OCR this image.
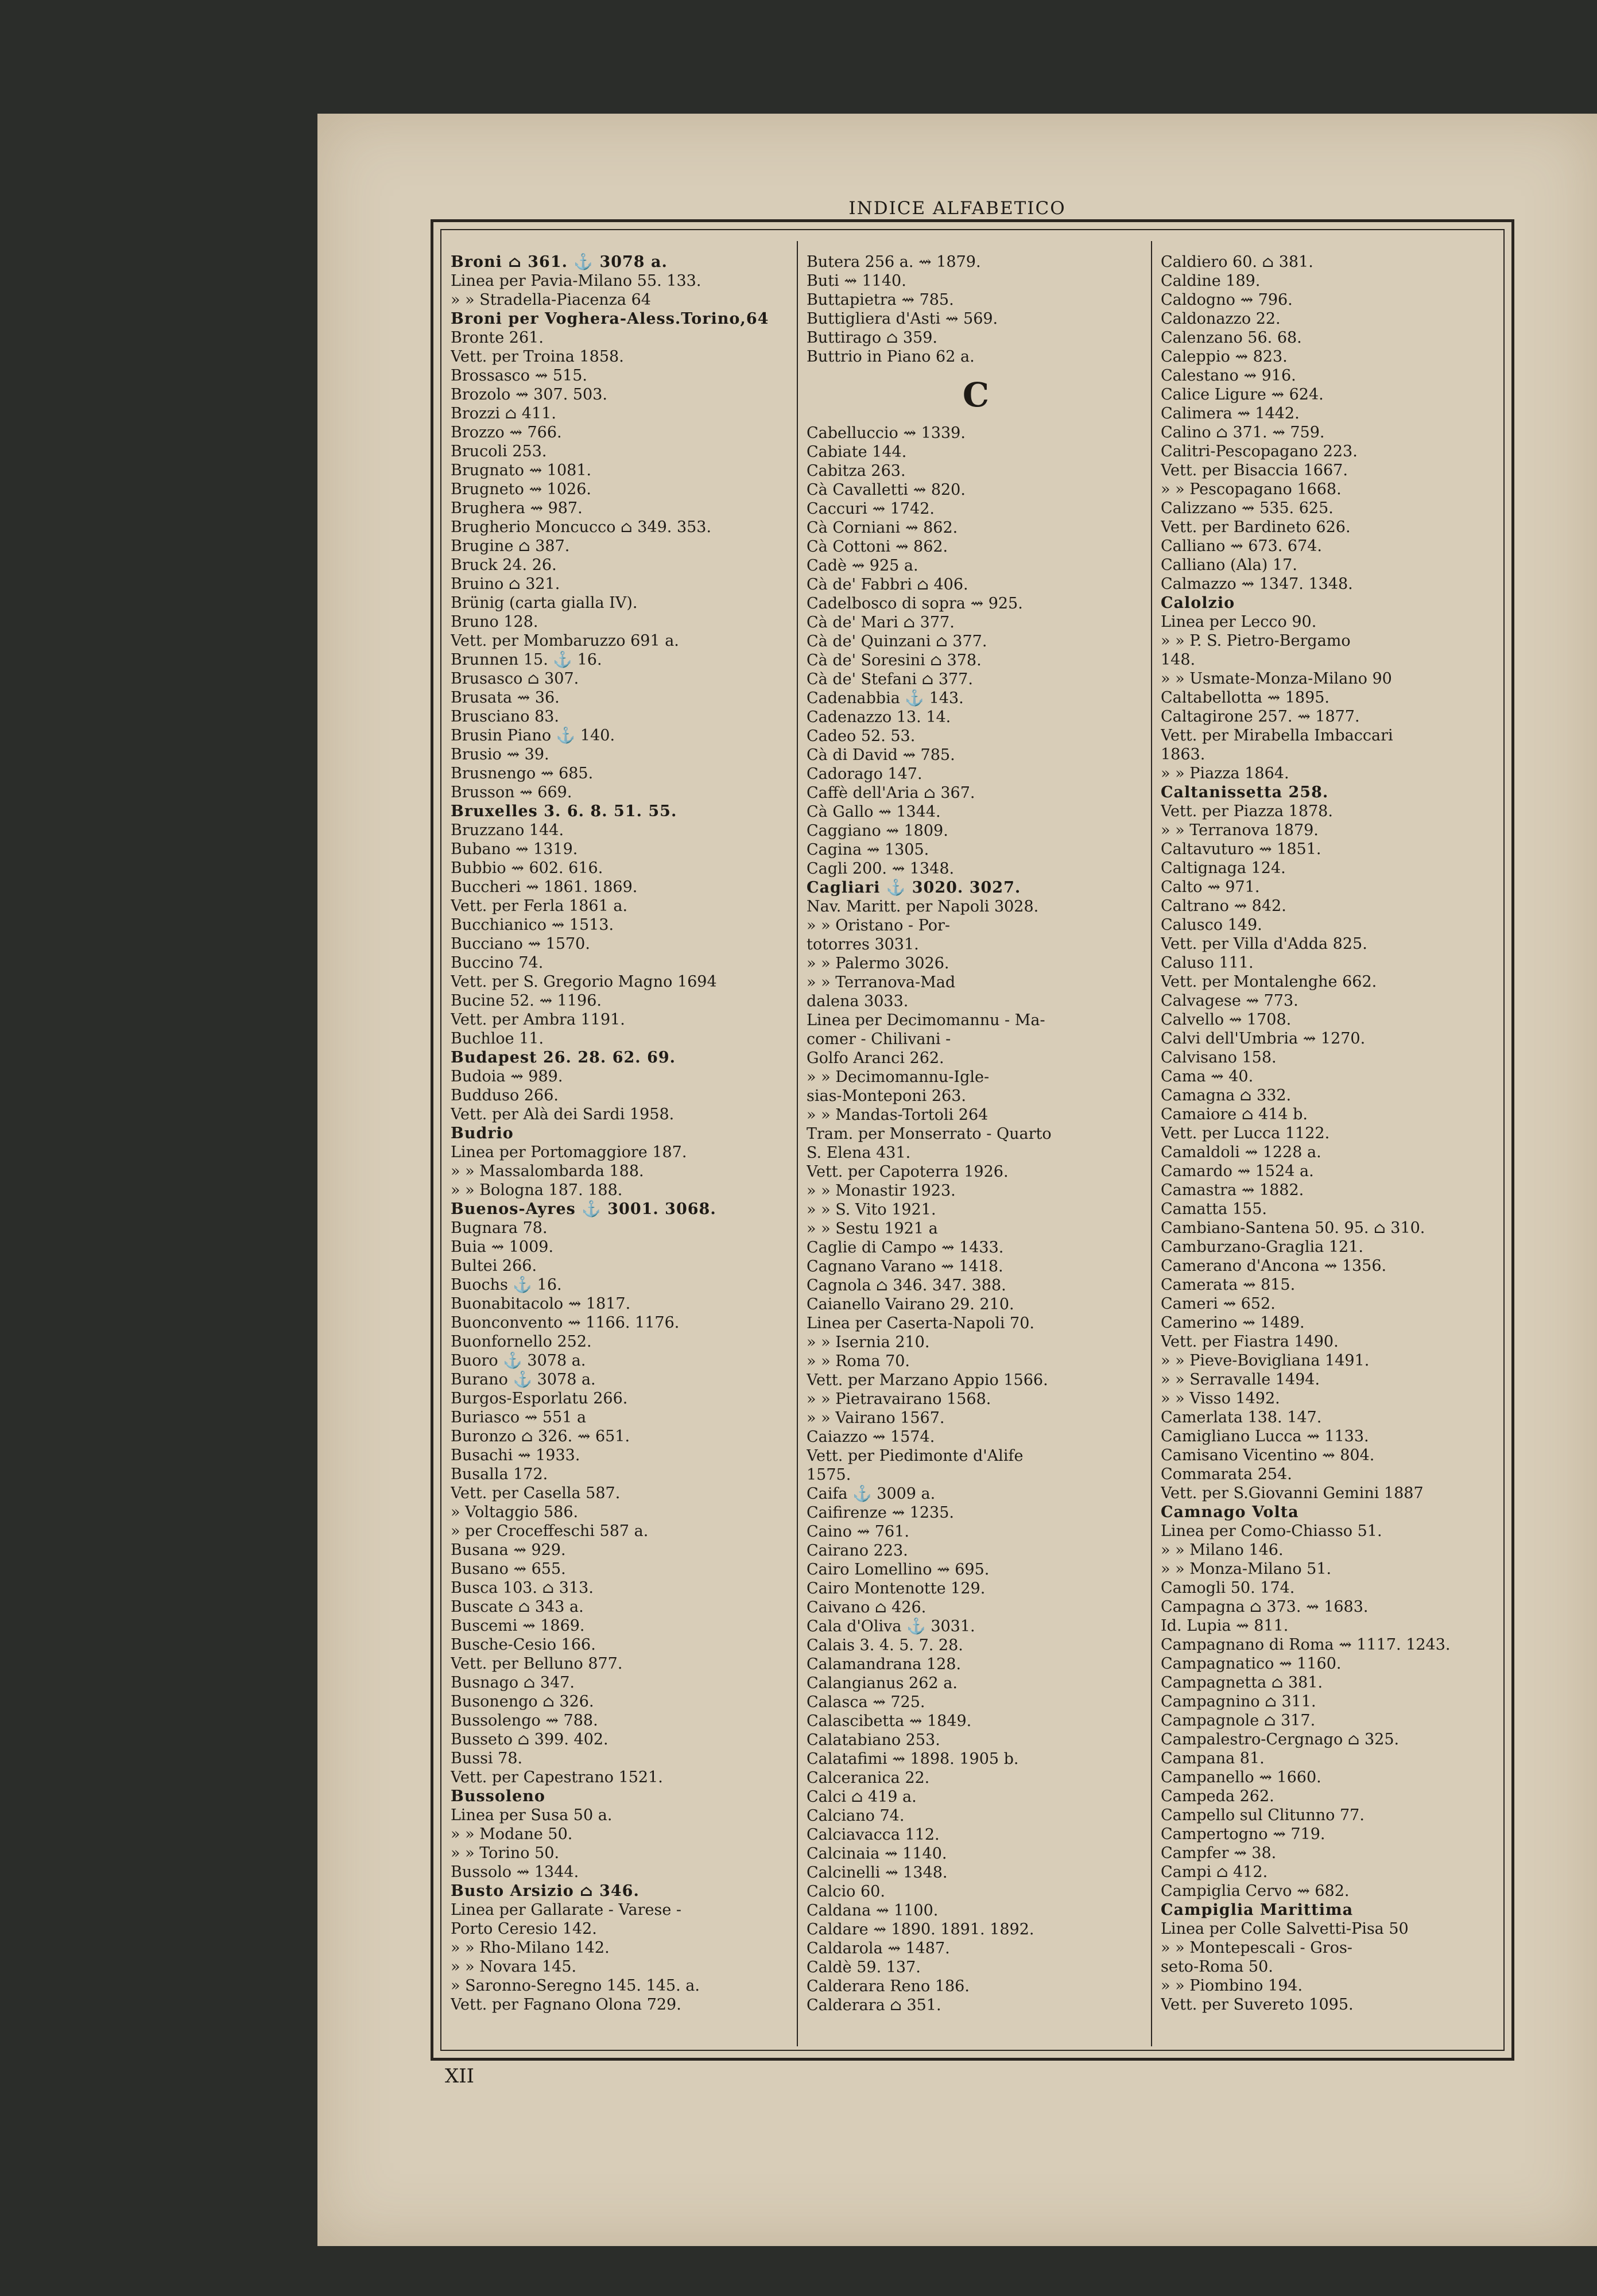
INDICE ALFABETICO
Broni ⌂ 361. ⚓ 3078 a.
Linea per Pavia-Milano 55. 133.
» » Stradella-Piacenza 64
Broni per Voghera-Aless.Torino,64
Bronte 261.
Vett. per Troina 1858.
Brossasco ⇝ 515.
Brozolo ⇝ 307. 503.
Brozzi ⌂ 411.
Brozzo ⇝ 766.
Brucoli 253.
Brugnato ⇝ 1081.
Brugneto ⇝ 1026.
Brughera ⇝ 987.
Brugherio Moncucco ⌂ 349. 353.
Brugine ⌂ 387.
Bruck 24. 26.
Bruino ⌂ 321.
Brünig (carta gialla IV).
Bruno 128.
Vett. per Mombaruzzo 691 a.
Brunnen 15. ⚓ 16.
Brusasco ⌂ 307.
Brusata ⇝ 36.
Brusciano 83.
Brusin Piano ⚓ 140.
Brusio ⇝ 39.
Brusnengo ⇝ 685.
Brusson ⇝ 669.
Bruxelles 3. 6. 8. 51. 55.
Bruzzano 144.
Bubano ⇝ 1319.
Bubbio ⇝ 602. 616.
Buccheri ⇝ 1861. 1869.
Vett. per Ferla 1861 a.
Bucchianico ⇝ 1513.
Bucciano ⇝ 1570.
Buccino 74.
Vett. per S. Gregorio Magno 1694
Bucine 52. ⇝ 1196.
Vett. per Ambra 1191.
Buchloe 11.
Budapest 26. 28. 62. 69.
Budoia ⇝ 989.
Budduso 266.
Vett. per Alà dei Sardi 1958.
Budrio
Linea per Portomaggiore 187.
» » Massalombarda 188.
» » Bologna 187. 188.
Buenos-Ayres ⚓ 3001. 3068.
Bugnara 78.
Buia ⇝ 1009.
Bultei 266.
Buochs ⚓ 16.
Buonabitacolo ⇝ 1817.
Buonconvento ⇝ 1166. 1176.
Buonfornello 252.
Buoro ⚓ 3078 a.
Burano ⚓ 3078 a.
Burgos-Esporlatu 266.
Buriasco ⇝ 551 a
Buronzo ⌂ 326. ⇝ 651.
Busachi ⇝ 1933.
Busalla 172.
Vett. per Casella 587.
» Voltaggio 586.
» per Croceffeschi 587 a.
Busana ⇝ 929.
Busano ⇝ 655.
Busca 103. ⌂ 313.
Buscate ⌂ 343 a.
Buscemi ⇝ 1869.
Busche-Cesio 166.
Vett. per Belluno 877.
Busnago ⌂ 347.
Busonengo ⌂ 326.
Bussolengo ⇝ 788.
Busseto ⌂ 399. 402.
Bussi 78.
Vett. per Capestrano 1521.
Bussoleno
Linea per Susa 50 a.
» » Modane 50.
» » Torino 50.
Bussolo ⇝ 1344.
Busto Arsizio ⌂ 346.
Linea per Gallarate - Varese -
Porto Ceresio 142.
» » Rho-Milano 142.
» » Novara 145.
» Saronno-Seregno 145. 145. a.
Vett. per Fagnano Olona 729.
Butera 256 a. ⇝ 1879.
Buti ⇝ 1140.
Buttapietra ⇝ 785.
Buttigliera d'Asti ⇝ 569.
Buttirago ⌂ 359.
Buttrio in Piano 62 a.
C
Cabelluccio ⇝ 1339.
Cabiate 144.
Cabitza 263.
Cà Cavalletti ⇝ 820.
Caccuri ⇝ 1742.
Cà Corniani ⇝ 862.
Cà Cottoni ⇝ 862.
Cadè ⇝ 925 a.
Cà de' Fabbri ⌂ 406.
Cadelbosco di sopra ⇝ 925.
Cà de' Mari ⌂ 377.
Cà de' Quinzani ⌂ 377.
Cà de' Soresini ⌂ 378.
Cà de' Stefani ⌂ 377.
Cadenabbia ⚓ 143.
Cadenazzo 13. 14.
Cadeo 52. 53.
Cà di David ⇝ 785.
Cadorago 147.
Caffè dell'Aria ⌂ 367.
Cà Gallo ⇝ 1344.
Caggiano ⇝ 1809.
Cagina ⇝ 1305.
Cagli 200. ⇝ 1348.
Cagliari ⚓ 3020. 3027.
Nav. Maritt. per Napoli 3028.
» » Oristano - Por-
totorres 3031.
» » Palermo 3026.
» » Terranova-Mad
dalena 3033.
Linea per Decimomannu - Ma-
comer - Chilivani -
Golfo Aranci 262.
» » Decimomannu-Igle-
sias-Monteponi 263.
» » Mandas-Tortoli 264
Tram. per Monserrato - Quarto
S. Elena 431.
Vett. per Capoterra 1926.
» » Monastir 1923.
» » S. Vito 1921.
» » Sestu 1921 a
Caglie di Campo ⇝ 1433.
Cagnano Varano ⇝ 1418.
Cagnola ⌂ 346. 347. 388.
Caianello Vairano 29. 210.
Linea per Caserta-Napoli 70.
» » Isernia 210.
» » Roma 70.
Vett. per Marzano Appio 1566.
» » Pietravairano 1568.
» » Vairano 1567.
Caiazzo ⇝ 1574.
Vett. per Piedimonte d'Alife
1575.
Caifa ⚓ 3009 a.
Caifirenze ⇝ 1235.
Caino ⇝ 761.
Cairano 223.
Cairo Lomellino ⇝ 695.
Cairo Montenotte 129.
Caivano ⌂ 426.
Cala d'Oliva ⚓ 3031.
Calais 3. 4. 5. 7. 28.
Calamandrana 128.
Calangianus 262 a.
Calasca ⇝ 725.
Calascibetta ⇝ 1849.
Calatabiano 253.
Calatafimi ⇝ 1898. 1905 b.
Calceranica 22.
Calci ⌂ 419 a.
Calciano 74.
Calciavacca 112.
Calcinaia ⇝ 1140.
Calcinelli ⇝ 1348.
Calcio 60.
Caldana ⇝ 1100.
Caldare ⇝ 1890. 1891. 1892.
Caldarola ⇝ 1487.
Caldè 59. 137.
Calderara Reno 186.
Calderara ⌂ 351.
Caldiero 60. ⌂ 381.
Caldine 189.
Caldogno ⇝ 796.
Caldonazzo 22.
Calenzano 56. 68.
Caleppio ⇝ 823.
Calestano ⇝ 916.
Calice Ligure ⇝ 624.
Calimera ⇝ 1442.
Calino ⌂ 371. ⇝ 759.
Calitri-Pescopagano 223.
Vett. per Bisaccia 1667.
» » Pescopagano 1668.
Calizzano ⇝ 535. 625.
Vett. per Bardineto 626.
Calliano ⇝ 673. 674.
Calliano (Ala) 17.
Calmazzo ⇝ 1347. 1348.
Calolzio
Linea per Lecco 90.
» » P. S. Pietro-Bergamo
148.
» » Usmate-Monza-Milano 90
Caltabellotta ⇝ 1895.
Caltagirone 257. ⇝ 1877.
Vett. per Mirabella Imbaccari
1863.
» » Piazza 1864.
Caltanissetta 258.
Vett. per Piazza 1878.
» » Terranova 1879.
Caltavuturo ⇝ 1851.
Caltignaga 124.
Calto ⇝ 971.
Caltrano ⇝ 842.
Calusco 149.
Vett. per Villa d'Adda 825.
Caluso 111.
Vett. per Montalenghe 662.
Calvagese ⇝ 773.
Calvello ⇝ 1708.
Calvi dell'Umbria ⇝ 1270.
Calvisano 158.
Cama ⇝ 40.
Camagna ⌂ 332.
Camaiore ⌂ 414 b.
Vett. per Lucca 1122.
Camaldoli ⇝ 1228 a.
Camardo ⇝ 1524 a.
Camastra ⇝ 1882.
Camatta 155.
Cambiano-Santena 50. 95. ⌂ 310.
Camburzano-Graglia 121.
Camerano d'Ancona ⇝ 1356.
Camerata ⇝ 815.
Cameri ⇝ 652.
Camerino ⇝ 1489.
Vett. per Fiastra 1490.
» » Pieve-Bovigliana 1491.
» » Serravalle 1494.
» » Visso 1492.
Camerlata 138. 147.
Camigliano Lucca ⇝ 1133.
Camisano Vicentino ⇝ 804.
Commarata 254.
Vett. per S.Giovanni Gemini 1887
Camnago Volta
Linea per Como-Chiasso 51.
» » Milano 146.
» » Monza-Milano 51.
Camogli 50. 174.
Campagna ⌂ 373. ⇝ 1683.
Id. Lupia ⇝ 811.
Campagnano di Roma ⇝ 1117. 1243.
Campagnatico ⇝ 1160.
Campagnetta ⌂ 381.
Campagnino ⌂ 311.
Campagnole ⌂ 317.
Campalestro-Cergnago ⌂ 325.
Campana 81.
Campanello ⇝ 1660.
Campeda 262.
Campello sul Clitunno 77.
Campertogno ⇝ 719.
Campfer ⇝ 38.
Campi ⌂ 412.
Campiglia Cervo ⇝ 682.
Campiglia Marittima
Linea per Colle Salvetti-Pisa 50
» » Montepescali - Gros-
seto-Roma 50.
» » Piombino 194.
Vett. per Suvereto 1095.
XII
